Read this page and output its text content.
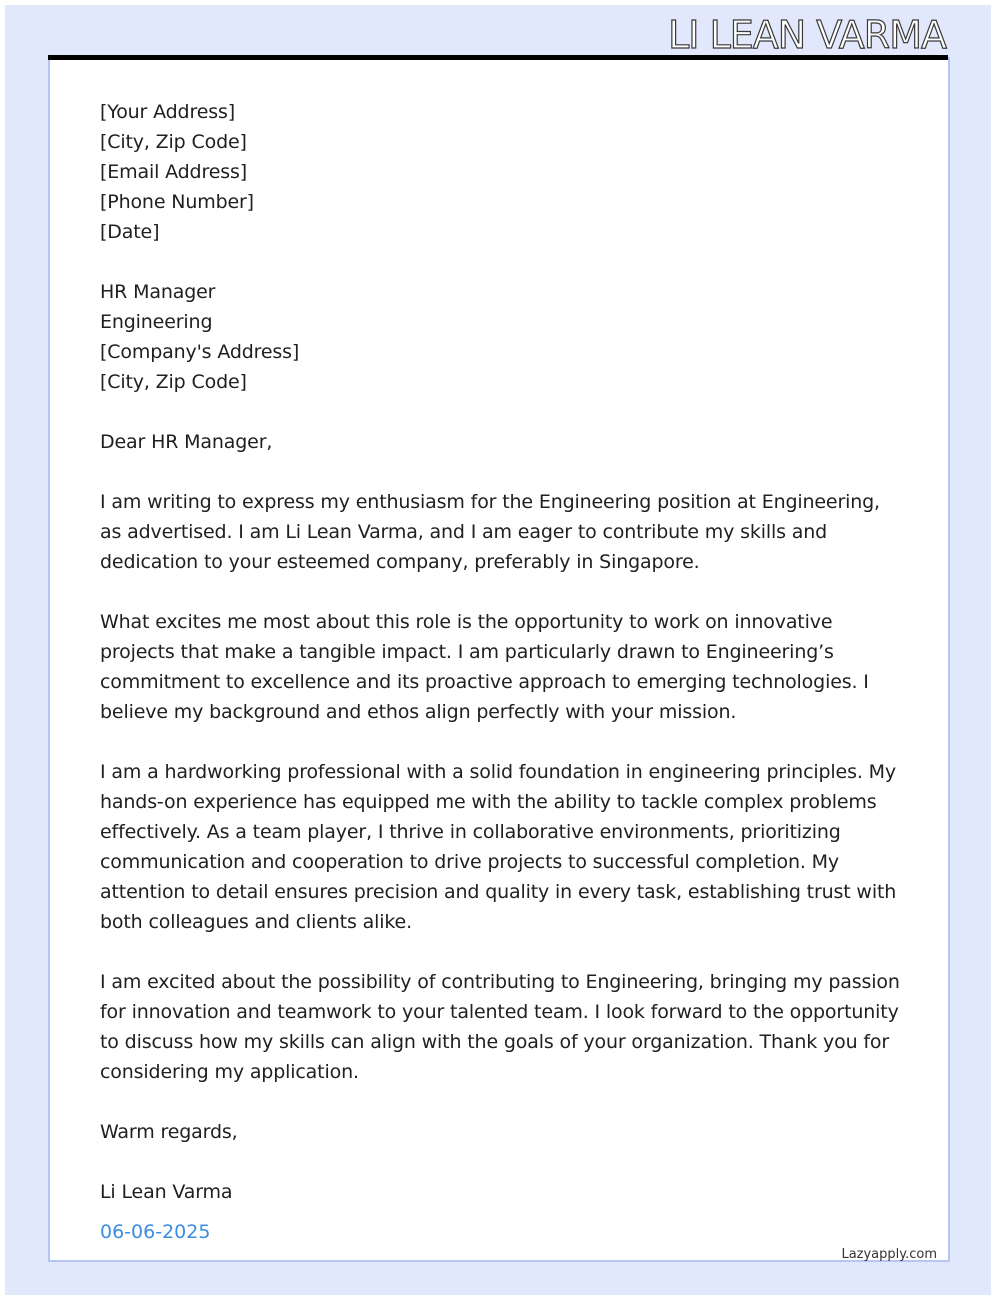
LI LEAN VARMA
[Your Address]
[City, Zip Code]
[Email Address]
[Phone Number]
[Date]
HR Manager
Engineering
[Company's Address]
[City, Zip Code]

Dear HR Manager,

I am writing to express my enthusiasm for the Engineering position at Engineering, as advertised. I am Li Lean Varma, and I am eager to contribute my skills and dedication to your esteemed company, preferably in Singapore.

What excites me most about this role is the opportunity to work on innovative projects that make a tangible impact. I am particularly drawn to Engineering’s commitment to excellence and its proactive approach to emerging technologies. I believe my background and ethos align perfectly with your mission.

I am a hardworking professional with a solid foundation in engineering principles. My hands-on experience has equipped me with the ability to tackle complex problems effectively. As a team player, I thrive in collaborative environments, prioritizing communication and cooperation to drive projects to successful completion. My attention to detail ensures precision and quality in every task, establishing trust with both colleagues and clients alike.

I am excited about the possibility of contributing to Engineering, bringing my passion for innovation and teamwork to your talented team. I look forward to the opportunity to discuss how my skills can align with the goals of your organization. Thank you for considering my application.

Warm regards,

Li Lean Varma

06-06-2025
Lazyapply.com
